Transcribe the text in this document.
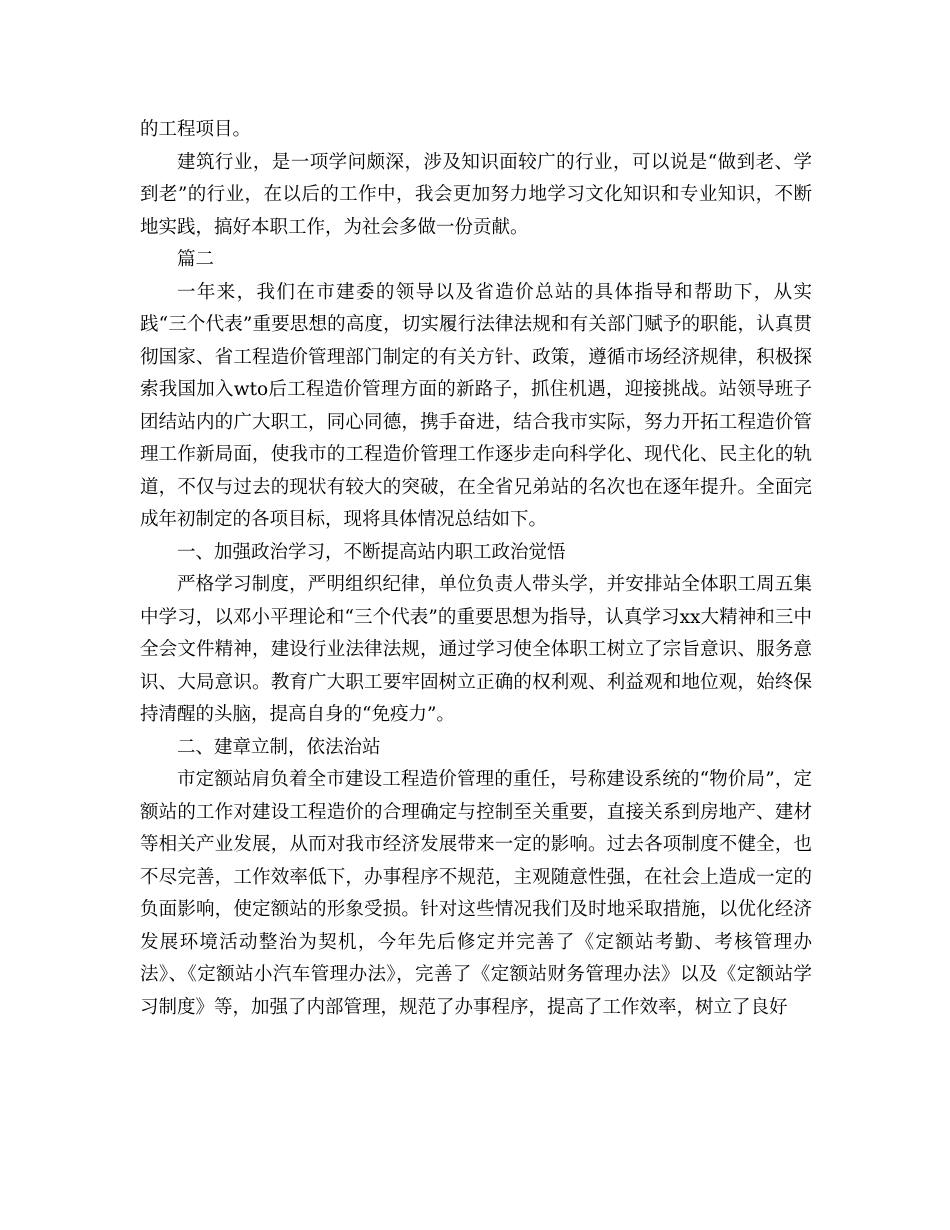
的工程项目。

建筑行业，是一项学问颇深，涉及知识面较广的行业，可以说是“做到老、学到老”的行业，在以后的工作中，我会更加努力地学习文化知识和专业知识，不断地实践，搞好本职工作，为社会多做一份贡献。

篇二

一年来，我们在市建委的领导以及省造价总站的具体指导和帮助下，从实践“三个代表”重要思想的高度，切实履行法律法规和有关部门赋予的职能，认真贯彻国家、省工程造价管理部门制定的有关方针、政策，遵循市场经济规律，积极探索我国加入wto后工程造价管理方面的新路子，抓住机遇，迎接挑战。站领导班子团结站内的广大职工，同心同德，携手奋进，结合我市实际，努力开拓工程造价管理工作新局面，使我市的工程造价管理工作逐步走向科学化、现代化、民主化的轨道，不仅与过去的现状有较大的突破，在全省兄弟站的名次也在逐年提升。全面完成年初制定的各项目标，现将具体情况总结如下。

一、加强政治学习，不断提高站内职工政治觉悟

严格学习制度，严明组织纪律，单位负责人带头学，并安排站全体职工周五集中学习，以邓小平理论和“三个代表”的重要思想为指导，认真学习xx大精神和三中全会文件精神，建设行业法律法规，通过学习使全体职工树立了宗旨意识、服务意识、大局意识。教育广大职工要牢固树立正确的权利观、利益观和地位观，始终保持清醒的头脑，提高自身的“免疫力”。

二、建章立制，依法治站

市定额站肩负着全市建设工程造价管理的重任，号称建设系统的“物价局”，定额站的工作对建设工程造价的合理确定与控制至关重要，直接关系到房地产、建材等相关产业发展，从而对我市经济发展带来一定的影响。过去各项制度不健全，也不尽完善，工作效率低下，办事程序不规范，主观随意性强，在社会上造成一定的负面影响，使定额站的形象受损。针对这些情况我们及时地采取措施，以优化经济发展环境活动整治为契机，今年先后修定并完善了《定额站考勤、考核管理办法》、《定额站小汽车管理办法》，完善了《定额站财务管理办法》以及《定额站学习制度》等，加强了内部管理，规范了办事程序，提高了工作效率，树立了良好
